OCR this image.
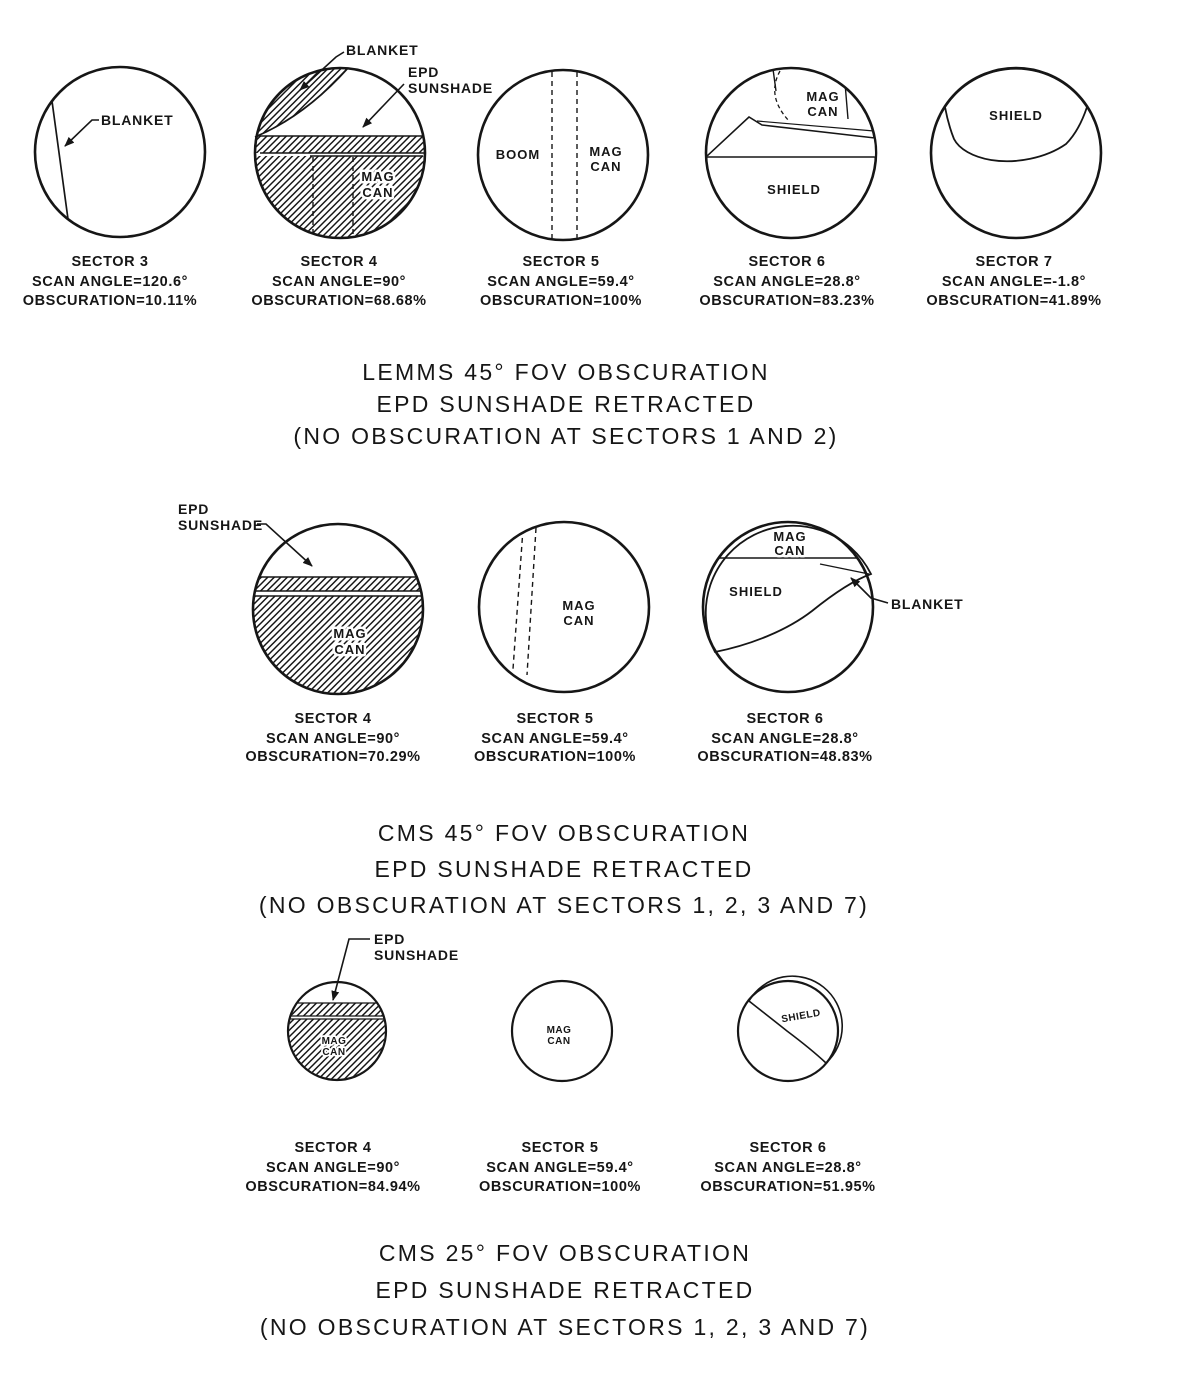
BLANKET
SECTOR 3
SCAN ANGLE=120.6°
OBSCURATION=10.11%
MAG
CAN
BLANKET
EPD
SUNSHADE
SECTOR 4
SCAN ANGLE=90°
OBSCURATION=68.68%
BOOM	MAG
CAN
SECTOR 5
SCAN ANGLE=59.4°
OBSCURATION=100%
MAG
CAN
SHIELD
SECTOR 6
SCAN ANGLE=28.8°
OBSCURATION=83.23%
SHIELD
SECTOR 7
SCAN ANGLE=-1.8°
OBSCURATION=41.89%
LEMMS 45° FOV OBSCURATION
EPD SUNSHADE RETRACTED
(NO OBSCURATION AT SECTORS 1 AND 2)
MAG
CAN
EPD
SUNSHADE
SECTOR 4
SCAN ANGLE=90°
OBSCURATION=70.29%
MAG
CAN
SECTOR 5
SCAN ANGLE=59.4°
OBSCURATION=100%
MAG
CAN
SHIELD
BLANKET
SECTOR 6
SCAN ANGLE=28.8°
OBSCURATION=48.83%
CMS 45° FOV OBSCURATION
EPD SUNSHADE RETRACTED
(NO OBSCURATION AT SECTORS 1, 2, 3 AND 7)
MAG
CAN
EPD
SUNSHADE
SECTOR 4
SCAN ANGLE=90°
OBSCURATION=84.94%
MAG
CAN
SECTOR 5
SCAN ANGLE=59.4°
OBSCURATION=100%
SHIELD
SECTOR 6
SCAN ANGLE=28.8°
OBSCURATION=51.95%
CMS 25° FOV OBSCURATION
EPD SUNSHADE RETRACTED
(NO OBSCURATION AT SECTORS 1, 2, 3 AND 7)
